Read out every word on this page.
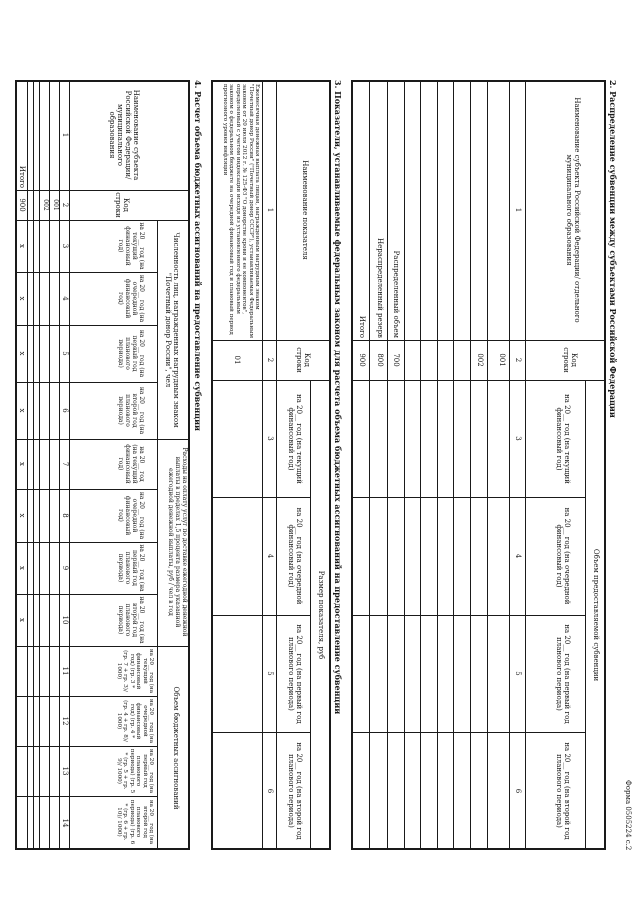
Форма 0505224 с.2
2. Распределение субвенции между субъектами Российской Федерации
Наименование субъекта Российской Федерации/ отдельного муниципального образования
Код строки
Объем предоставляемой субвенции
на 20__ год (на текущий финансовый год)
на 20__ год (на очередной финансовый год)
на 20__ год (на первый год планового периода)
на 20__ год (на второй год планового периода)
1
2
3
4
5
6
001
002
Распределенный объем
Нераспределенный резерв
Итого
700
800
900
3. Показатели, устанавливаемые федеральным законом для расчета объема бюджетных ассигнований на предоставление субвенции
Наименование показателя
Код строки
Размер показателя, руб
на 20__ год (на текущий финансовый год)
на 20__ год (на очередной финансовый год)
на 20__ год (на первый год планового периода)
на 20__ год (на второй год планового периода)
1
2
3
4
5
6
Ежемесячная денежная выплата лицам, награжденным нагрудным знаком "Почетный донор России" ("Почетный донор СССР"), устанавливаемая Федеральным законом от 20 июля 2012 г. № 125-ФЗ "О донорстве крови и ее компонентов", определенный с учетом индексации исходя из установленного федеральным законом о федеральном бюджете на очередной финансовый год и плановый период прогнозного уровня инфляции
01
4. Расчет объема бюджетных ассигнований на предоставление субвенции
Наименование субъекта Российской Федерации/ муниципального образования
Код строки
Численность лиц, награжденных нагрудным знаком "Почетный донор России", чел
Расходы на оплату услуг по доставке ежегодной денежной выплаты в пределах 1,5 процента размера указанной ежегодной денежной выплаты, руб / чел в год
Объем бюджетных ассигнований
на 20__ год (на текущий финансовый год)
на 20__ год (на очередной финансовый год)
на 20__ год (на первый год планового периода)
на 20__ год (на второй год планового периода)
на 20__ год (на текущий финансовый год)
на 20__ год (на очередной финансовый год)
на 20__ год (на первый год планового периода)
на 20__ год (на второй год планового периода)
на 20__ год (на текущий финансовый год) (гр. 3 * (гр. 7 + гр. 3)/ 1000)
на 20__ год (на очередной финансовый год) (гр. 4 * (гр. 4 + гр. 8)/ 1000)
на 20__ год (на первый год планового периода) (гр. 5 * (гр. 5 + гр. 9)/ 1000)
на 20__ год (на второй год планового периода) (гр. 6 * (гр. 6 + гр. 10)/ 1000)
1
2
3
4
5
6
7
8
9
10
11
12
13
14
001
002
Итого
900
x
x
x
x
x
x
x
x
